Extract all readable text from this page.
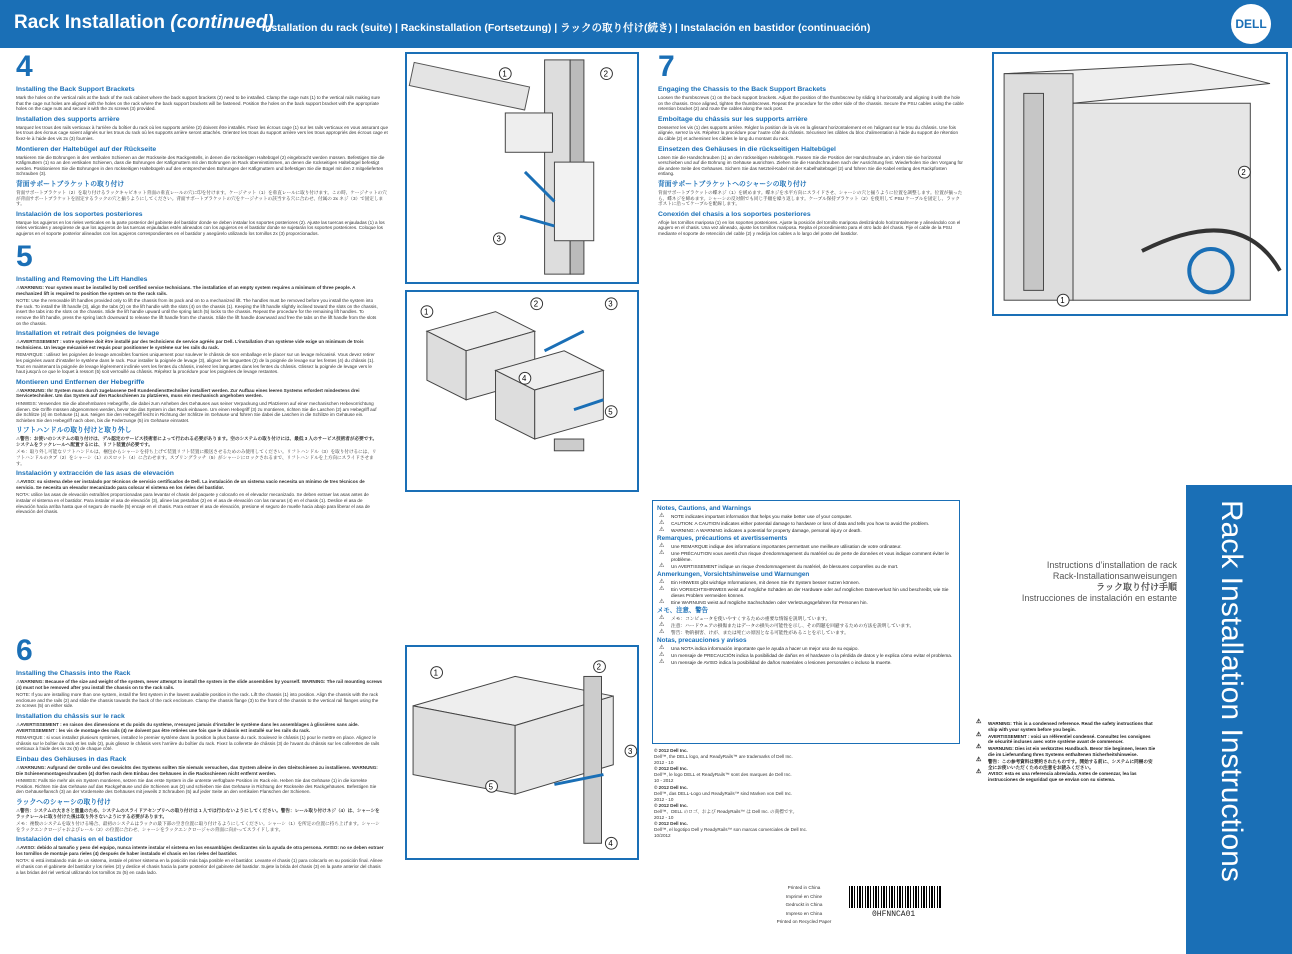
Rack Installation (continued)
Installation du rack (suite) | Rackinstallation (Fortsetzung) | ラックの取り付け(続き) | Instalación en bastidor (continuación)	DELL
4
Installing the Back Support Brackets
Mark the holes on the vertical rails at the back of the rack cabinet where the back support brackets (2) need to be installed. Clamp the cage nuts (1) to the vertical rails making sure that the cage nut holes are aligned with the holes on the rack where the back support brackets will be fastened. Position the holes on the back support bracket with the appropriate holes on the cage nuts and secure it with the 2x screws (3) provided.
Installation des supports arrière
Marquez les trous des rails verticaux à l’arrière du boîtier du rack où les supports arrière (2) doivent être installés. Fixez les écrous cage (1) sur les rails verticaux en vous assurant que les trous des écrous cage soient alignés sur les trous du rack où les supports arrière seront attachés. Orientez les trous du support arrière vers les trous appropriés des écrous cage et fixez-le à l’aide des vis 2x (3) fournies.
Montieren der Haltebügel auf der Rückseite
Markieren Sie die Bohrungen in den vertikalen Schienen an der Rückseite des Rackgestells, in denen die rückseitigen Haltebügel (2) eingebracht werden müssen. Befestigen Sie die Käfigmuttern (1) so an den vertikalen Schienen, dass die Bohrungen der Käfigmuttern mit den Bohrungen im Rack übereinstimmen, an denen die rückseitigen Haltebügel befestigt werden. Positionieren Sie die Bohrungen in den rückseitigen Haltebügeln auf den entsprechenden Bohrungen der Käfigmuttern und befestigen Sie die Bügel mit den 2 mitgelieferten Schrauben (3).
背面サポートブラケットの取り付け
背面サポートブラケット（2）を取り付けるラックキャビネット背面の垂直レールの穴に印を付けます。ケージナット（1）を垂直レールに取り付けます。この時、ケージナットの穴が背面サポートブラケットを固定するラックの穴と揃うようにしてください。背面サポートブラケットの穴をケージナットの該当する穴に合わせ、付属の 2x ネジ（3）で固定します。
Instalación de los soportes posteriores
Marque los agujeros en los rieles verticales en la parte posterior del gabinete del bastidor donde se deben instalar los soportes posteriores (2). Ajuste las tuercas enjauladas (1) a los rieles verticales y asegúrese de que los agujeros de las tuercas enjauladas estén alineados con los agujeros en el bastidor donde se sujetarán los soportes posteriores. Coloque los agujeros en el soporte posterior alineados con los agujeros correspondientes en el bastidor y asegúrelo utilizando los tornillos 2x (3) proporcionados.
5
Installing and Removing the Lift Handles
⚠ WARNING: Your system must be installed by Dell certified service technicians. The installation of an empty system requires a minimum of three people. A mechanized lift is required to position the system on to the rack rails.
NOTE: Use the removable lift handles provided only to lift the chassis from its pack and on to a mechanized lift. The handles must be removed before you install the system into the rack. To install the lift handle (3), align the tabs (2) on the lift handle with the slots (4) on the chassis (1). Keeping the lift handle slightly inclined toward the slots on the chassis, insert the tabs into the slots on the chassis. Slide the lift handle upward until the spring latch (5) locks to the chassis. Repeat the procedure for the remaining lift handles. To remove the lift handle, press the spring latch downward to release the lift handle from the chassis. Slide the lift handle downward and free the tabs on the lift handle from the slots on the chassis.
Installation et retrait des poignées de levage
⚠ AVERTISSEMENT : votre système doit être installé par des techniciens de service agréés par Dell. L’installation d’un système vide exige un minimum de trois techniciens. Un levage mécanisé est requis pour positionner le système sur les rails du rack.
REMARQUE : utilisez les poignées de levage amovibles fournies uniquement pour soulever le châssis de son emballage et le placer sur un levage mécanisé. Vous devez retirer les poignées avant d’installer le système dans le rack. Pour installer la poignée de levage (3), alignez les languettes (2) de la poignée de levage sur les fentes (4) du châssis (1). Tout en maintenant la poignée de levage légèrement inclinée vers les fentes du châssis, insérez les languettes dans les fentes du châssis. Glissez la poignée de levage vers le haut jusqu’à ce que le loquet à ressort (5) soit verrouillé au châssis. Répétez la procédure pour les poignées de levage restantes.
Montieren und Entfernen der Hebegriffe
⚠ WARNUNG: Ihr System muss durch zugelassene Dell Kundendiensttechniker installiert werden. Zur Aufbau eines leeren Systems erfordert mindestens drei Servicetechniker. Um das System auf den Rackschienen zu platzieren, muss ein mechanisch angehoben werden.
HINWEIS: Verwenden Sie die abnehmbaren Hebegriffe, die dabei zum Anheben des Gehäuses aus seiner Verpackung und Platzieren auf einer mechanischen Hebevorrichtung dienen. Die Griffe müssen abgenommen werden, bevor Sie das System in das Rack einbauen. Um einen Hebegriff (3) zu montieren, richten Sie die Laschen (2) am Hebegriff auf die Schlitze (4) im Gehäuse (1) aus. Neigen Sie den Hebegriff leicht in Richtung der Schlitze im Gehäuse und führen Sie dabei die Laschen in die Schlitze im Gehäuse ein. Schieben Sie den Hebegriff nach oben, bis die Federzunge (5) im Gehäuse einrastet.
リフトハンドルの取り付けと取り外し
⚠ 警告：お使いのシステムの取り付けは、デル認定のサービス技術者によって行われる必要があります。空のシステムの取り付けには、最低 3 人のサービス技術者が必要です。システムをラックレールへ配置するには、リフト装置が必要です。
メモ：取り外し可能なリフトハンドルは、梱包からシャーシを持ち上げて装置リフト装置に搬送させるためのみ使用してください。リフトハンドル（3）を取り付けるには、リフトハンドルのタブ（2）をシャーシ（1）のスロット（4）に合わせます。スプリングラッチ（5）がシャーシにロックされるまで、リフトハンドルを上方向にスライドさせます。
Instalación y extracción de las asas de elevación
⚠ AVISO: su sistema debe ser instalado por técnicos de servicio certificados de Dell. La instalación de un sistema vacío necesita un mínimo de tres técnicos de servicio. Se necesita un elevador mecanizado para colocar el sistema en los rieles del bastidor.
NOTA: utilice las asas de elevación extraíbles proporcionadas para levantar el chasis del paquete y colocarlo en el elevador mecanizado. Se deben extraer las asas antes de instalar el sistema en el bastidor. Para instalar el asa de elevación (3), alinee las pestañas (2) en el asa de elevación con las ranuras (4) en el chasis (1). Deslice el asa de elevación hacia arriba hasta que el seguro de muelle (5) encaje en el chasis. Para extraer el asa de elevación, presione el seguro de muelle hacia abajo para liberar el asa de elevación del chasis.
6
Installing the Chassis into the Rack
⚠ WARNING: Because of the size and weight of the system, never attempt to install the system in the slide assemblies by yourself. WARNING: The rail mounting screws (4) must not be removed after you install the chassis on to the rack rails.
NOTE: If you are installing more than one system, install the first system in the lowest available position in the rack. Lift the chassis (1) into position. Align the chassis with the rack enclosure and the rails (2) and slide the chassis towards the back of the rack enclosure. Clamp the chassis flange (3) to the front of the chassis to the vertical rail flanges using the 2x screws (5) on either side.
Installation du châssis sur le rack
⚠ AVERTISSEMENT : en raison des dimensions et du poids du système, n’essayez jamais d’installer le système dans les assemblages à glissières sans aide. AVERTISSEMENT : les vis de montage des rails (4) ne doivent pas être retirées une fois que le châssis est installé sur les rails du rack.
REMARQUE : si vous installez plusieurs systèmes, installez le premier système dans la position la plus basse du rack. Soulevez le châssis (1) pour le mettre en place. Alignez le châssis sur le boîtier du rack et les rails (2), puis glissez le châssis vers l’arrière du boîtier du rack. Fixez la collerette de châssis (3) de l’avant du châssis sur les collerettes de rails verticaux à l’aide des vis 2x (5) de chaque côté.
Einbau des Gehäuses in das Rack
⚠ WARNUNG: Aufgrund der Größe und des Gewichts des Systems sollten Sie niemals versuchen, das System alleine in den Gleitschienen zu installieren. WARNUNG: Die Schienenmontageschrauben (4) dürfen nach dem Einbau des Gehäuses in die Rackschienen nicht entfernt werden.
HINWEIS: Falls Sie mehr als ein System montieren, setzen Sie das erste System in die unterste verfügbare Position im Rack ein. Heben Sie das Gehäuse (1) in die korrekte Position. Richten Sie das Gehäuse auf das Rackgehäuse und die Schienen aus (2) und schieben Sie das Gehäuse in Richtung der Rückseite des Rackgehäuses. Befestigen Sie den Gehäuseflansch (3) an der Vorderseite des Gehäuses mit jeweils 2 Schrauben (5) auf jeder Seite an den vertikalen Flanschen der Schienen.
ラックへのシャーシの取り付け
⚠ 警告：システムの大きさと重量のため、システムのスライドアセンブリへの取り付けは 1 人では行わないようにしてください。警告：レール取り付けネジ（4）は、シャーシをラックレールに取り付けた後は取り外さないようにする必要があります。
メモ：複数のシステムを取り付ける場合、最初のシステムはラックの最下部の空き位置に取り付けるようにしてください。シャーシ（1）を所定の位置に持ち上げます。シャーシをラックエンクロージャおよびレール（2）の位置に合わせ、シャーシをラックエンクロージャの背面に向かってスライドします。
Instalación del chasis en el bastidor
⚠ AVISO: debido al tamaño y peso del equipo, nunca intente instalar el sistema en los ensamblajes deslizantes sin la ayuda de otra persona. AVISO: no se deben extraer los tornillos de montaje para rieles (4) después de haber instalado el chasis en los rieles del bastidor.
NOTA: si está instalando más de un sistema, instale el primer sistema en la posición más baja posible en el bastidor. Levante el chasis (1) para colocarlo en su posición final. Alinee el chasis con el gabinete del bastidor y los rieles (2) y deslice el chasis hacia la parte posterior del gabinete del bastidor. Sujete la brida del chasis (3) en la parte anterior del chasis a las bridas del riel vertical utilizando los tornillos 2x (5) en cada lado.
1	2
3
1
2	3
4
5
1
2
3
4
5
7
Engaging the Chassis to the Back Support Brackets
Loosen the thumbscrews (1) on the back support brackets. Adjust the position of the thumbscrew by sliding it horizontally and aligning it with the hole on the chassis. Once aligned, tighten the thumbscrews. Repeat the procedure for the other side of the chassis. Secure the PSU cables using the cable retention bracket (2) and route the cables along the rack post.
Emboîtage du châssis sur les supports arrière
Desserrez les vis (1) des supports arrière. Réglez la position de la vis en la glissant horizontalement et en l’alignant sur le trou du châssis. Une fois alignée, serrez la vis. Répétez la procédure pour l’autre côté du châssis. Sécurisez les câbles du bloc d’alimentation à l’aide du support de rétention du câble (2) et acheminez les câbles le long du montant du rack.
Einsetzen des Gehäuses in die rückseitigen Haltebügel
Lösen Sie die Handschrauben (1) an den rückseitigen Haltebügeln. Passen Sie die Position der Handschraube an, indem Sie sie horizontal verschieben und auf die Bohrung im Gehäuse ausrichten. Ziehen Sie die Handschrauben nach der Ausrichtung fest. Wiederholen Sie den Vorgang für die andere Seite des Gehäuses. Sichern Sie das Netzteil-Kabel mit der Kabelhaltebügel (2) und führen Sie die Kabel entlang des Rackpfosten entlang.
背面サポートブラケットへのシャーシの取り付け
背面サポートブラケットの蝶ネジ（1）を緩めます。蝶ネジを水平方向にスライドさせ、シャーシの穴と揃うように位置を調整します。位置が揃ったら、蝶ネジを締めます。シャーシの反対側でも同じ手順を繰り返します。ケーブル保持ブラケット（2）を使用して PSU ケーブルを固定し、ラックポストに沿ってケーブルを配線します。
Conexión del chasis a los soportes posteriores
Afloje los tornillos mariposa (1) en los soportes posteriores. Ajuste la posición del tornillo mariposa deslizándolo horizontalmente y alineándolo con el agujero en el chasis. Una vez alineado, ajuste los tornillos mariposa. Repita el procedimiento para el otro lado del chasis. Fije el cable de la PSU mediante el soporte de retención del cable (2) y redirija los cables a lo largo del poste del bastidor.
1
2
Notes, Cautions, and Warnings
⚠ NOTE indicates important information that helps you make better use of your computer.
⚠ CAUTION: A CAUTION indicates either potential damage to hardware or loss of data and tells you how to avoid the problem.
⚠ WARNING: A WARNING indicates a potential for property damage, personal injury or death.
Remarques, précautions et avertissements
⚠ Une REMARQUE indique des informations importantes permettant une meilleure utilisation de votre ordinateur.
⚠ Une PRÉCAUTION vous avertit d’un risque d’endommagement du matériel ou de perte de données et vous indique comment éviter le problème.
⚠ Un AVERTISSEMENT indique un risque d’endommagement du matériel, de blessures corporelles ou de mort.
Anmerkungen, Vorsichtshinweise und Warnungen
⚠ Ein HINWEIS gibt wichtige Informationen, mit denen Sie Ihr System besser nutzen können.
⚠ Ein VORSICHTSHINWEIS weist auf mögliche Schäden an der Hardware oder auf möglichen Datenverlust hin und beschreibt, wie Sie dieses Problem vermeiden können.
⚠ Eine WARNUNG weist auf mögliche Sachschäden oder Verletzungsgefahren für Personen hin.
メモ、注意、警告
⚠ メモ：コンピュータを使いやすくするための重要な情報を説明しています。
⚠ 注意：ハードウェアの損傷またはデータの損失の可能性を示し、その問題を回避するための方法を説明しています。
⚠ 警告：物的損害、けが、または死亡の原因となる可能性があることを示しています。
Notas, precauciones y avisos
⚠ Una NOTA indica información importante que le ayuda a hacer un mejor uso de su equipo.
⚠ Un mensaje de PRECAUCIÓN indica la posibilidad de daños en el hardware o la pérdida de datos y le explica cómo evitar el problema.
⚠ Un mensaje de AVISO indica la posibilidad de daños materiales o lesiones personales o incluso la muerte.
© 2012 Dell Inc.
Dell™, the DELL logo, and ReadyRails™ are trademarks of Dell Inc.
2012 - 10
© 2012 Dell Inc.
Dell™, le logo DELL et ReadyRails™ sont des marques de Dell Inc.
10 - 2012
© 2012 Dell Inc.
Dell™, das DELL-Logo und ReadyRails™ sind Marken von Dell Inc.
2012 - 10
© 2012 Dell Inc.
Dell™、DELL のロゴ、および ReadyRails™ は Dell Inc. の商標です。
2012 - 10
© 2012 Dell Inc.
Dell™, el logotipo Dell y ReadyRails™ son marcas comerciales de Dell Inc.
10/2012
Printed in China
Imprimé en Chine
Gedruckt in China
Impreso en China
Printed on Recycled Paper
0HFNNCA01
Instructions d’installation de rack
Rack-Installationsanweisungen
ラック取り付け手順
Instrucciones de instalación en estante
⚠ WARNING: This is a condensed reference. Read the safety instructions that ship with your system before you begin.
⚠ AVERTISSEMENT : voici un référentiel condensé. Consultez les consignes de sécurité incluses avec votre système avant de commencer.
⚠ WARNUNG: Dies ist ein verkürztes Handbuch. Bevor Sie beginnen, lesen Sie die im Lieferumfang Ihres Systems enthaltenen Sicherheitshinweise.
⚠ 警告：この参考資料は要約されたものです。開始する前に、システムに同梱の安全にお使いいただくための注意をお読みください。
⚠ AVISO: esta es una referencia abreviada. Antes de comenzar, lea las instrucciones de seguridad que se envían con su sistema.	Rack Installation Instructions
